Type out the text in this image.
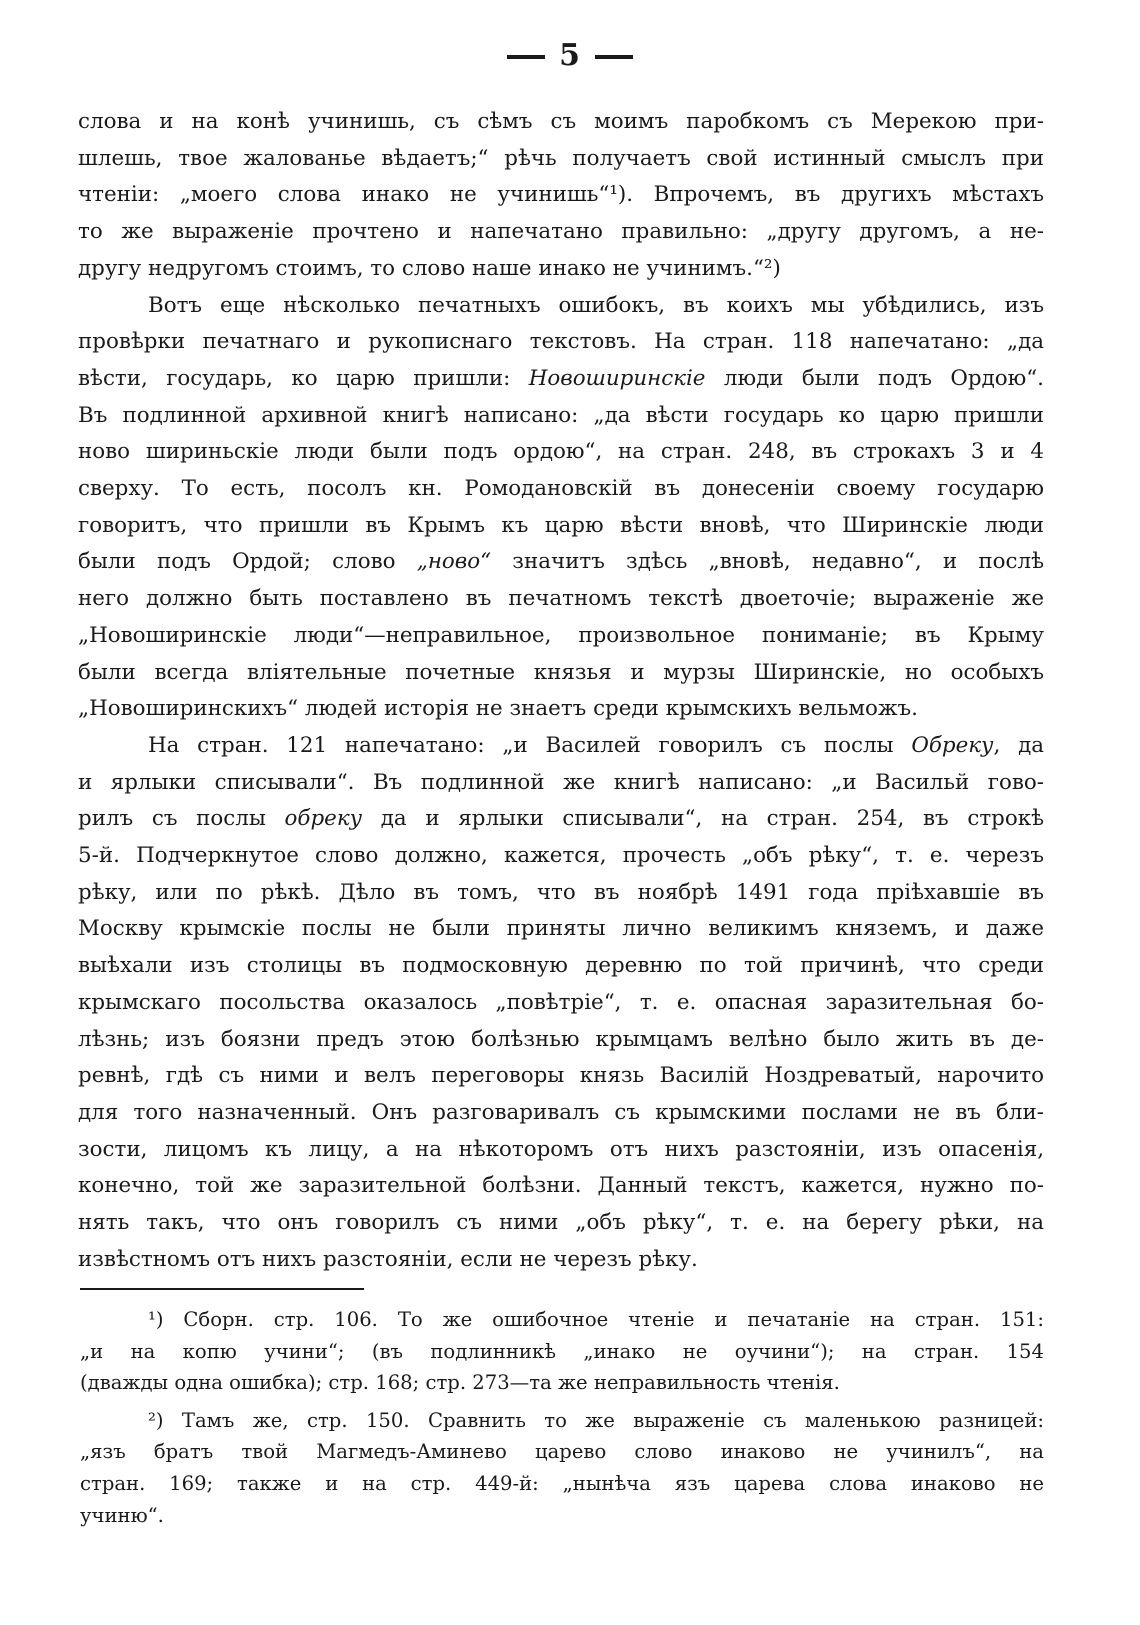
5

слова и на конѣ учинишь, съ сѣмъ съ моимъ паробкомъ съ Мерекою при-
шлешь, твое жалованье вѣдаетъ;“ рѣчь получаетъ свой истинный смыслъ при
чтеніи: „моего слова инако не учинишь“¹). Впрочемъ, въ другихъ мѣстахъ
то же выраженіе прочтено и напечатано правильно: „другу другомъ, а не-
другу недругомъ стоимъ, то слово наше инако не учинимъ.“²)

Вотъ еще нѣсколько печатныхъ ошибокъ, въ коихъ мы убѣдились, изъ
провѣрки печатнаго и рукописнаго текстовъ. На стран. 118 напечатано: „да
вѣсти, государь, ко царю пришли: Новоширинскіе люди были подъ Ордою“.
Въ подлинной архивной книгѣ написано: „да вѣсти государь ко царю пришли
ново шириньскіе люди были подъ ордою“, на стран. 248, въ строкахъ 3 и 4
сверху. То есть, посолъ кн. Ромодановскій въ донесеніи своему государю
говоритъ, что пришли въ Крымъ къ царю вѣсти вновѣ, что Ширинскіе люди
были подъ Ордой; слово „ново“ значитъ здѣсь „вновѣ, недавно“, и послѣ
него должно быть поставлено въ печатномъ текстѣ двоеточіе; выраженіе же
„Новоширинскіе люди“—неправильное, произвольное пониманіе; въ Крыму
были всегда вліятельные почетные князья и мурзы Ширинскіе, но особыхъ
„Новоширинскихъ“ людей исторія не знаетъ среди крымскихъ вельможъ.

На стран. 121 напечатано: „и Василей говорилъ съ послы Обреку, да
и ярлыки списывали“. Въ подлинной же книгѣ написано: „и Васильй гово-
рилъ съ послы обреку да и ярлыки списывали“, на стран. 254, въ строкѣ
5-й. Подчеркнутое слово должно, кажется, прочесть „объ рѣку“, т. е. черезъ
рѣку, или по рѣкѣ. Дѣло въ томъ, что въ ноябрѣ 1491 года пріѣхавшіе въ
Москву крымскіе послы не были приняты лично великимъ княземъ, и даже
выѣхали изъ столицы въ подмосковную деревню по той причинѣ, что среди
крымскаго посольства оказалось „повѣтріе“, т. е. опасная заразительная бо-
лѣзнь; изъ боязни предъ этою болѣзнью крымцамъ велѣно было жить въ де-
ревнѣ, гдѣ съ ними и велъ переговоры князь Василій Ноздреватый, нарочито
для того назначенный. Онъ разговаривалъ съ крымскими послами не въ бли-
зости, лицомъ къ лицу, а на нѣкоторомъ отъ нихъ разстояніи, изъ опасенія,
конечно, той же заразительной болѣзни. Данный текстъ, кажется, нужно по-
нять такъ, что онъ говорилъ съ ними „объ рѣку“, т. е. на берегу рѣки, на
извѣстномъ отъ нихъ разстояніи, если не черезъ рѣку.

¹) Сборн. стр. 106. То же ошибочное чтеніе и печатаніе на стран. 151:
„и на копю учини“; (въ подлинникѣ „инако не оучини“); на стран. 154
(дважды одна ошибка); стр. 168; стр. 273—та же неправильность чтенія.
²) Тамъ же, стр. 150. Сравнить то же выраженіе съ маленькою разницей:
„язъ братъ твой Магмедъ-Аминево царево слово инаково не учинилъ“, на
стран. 169; также и на стр. 449-й: „нынѣча язъ царева слова инаково не
учиню“.
